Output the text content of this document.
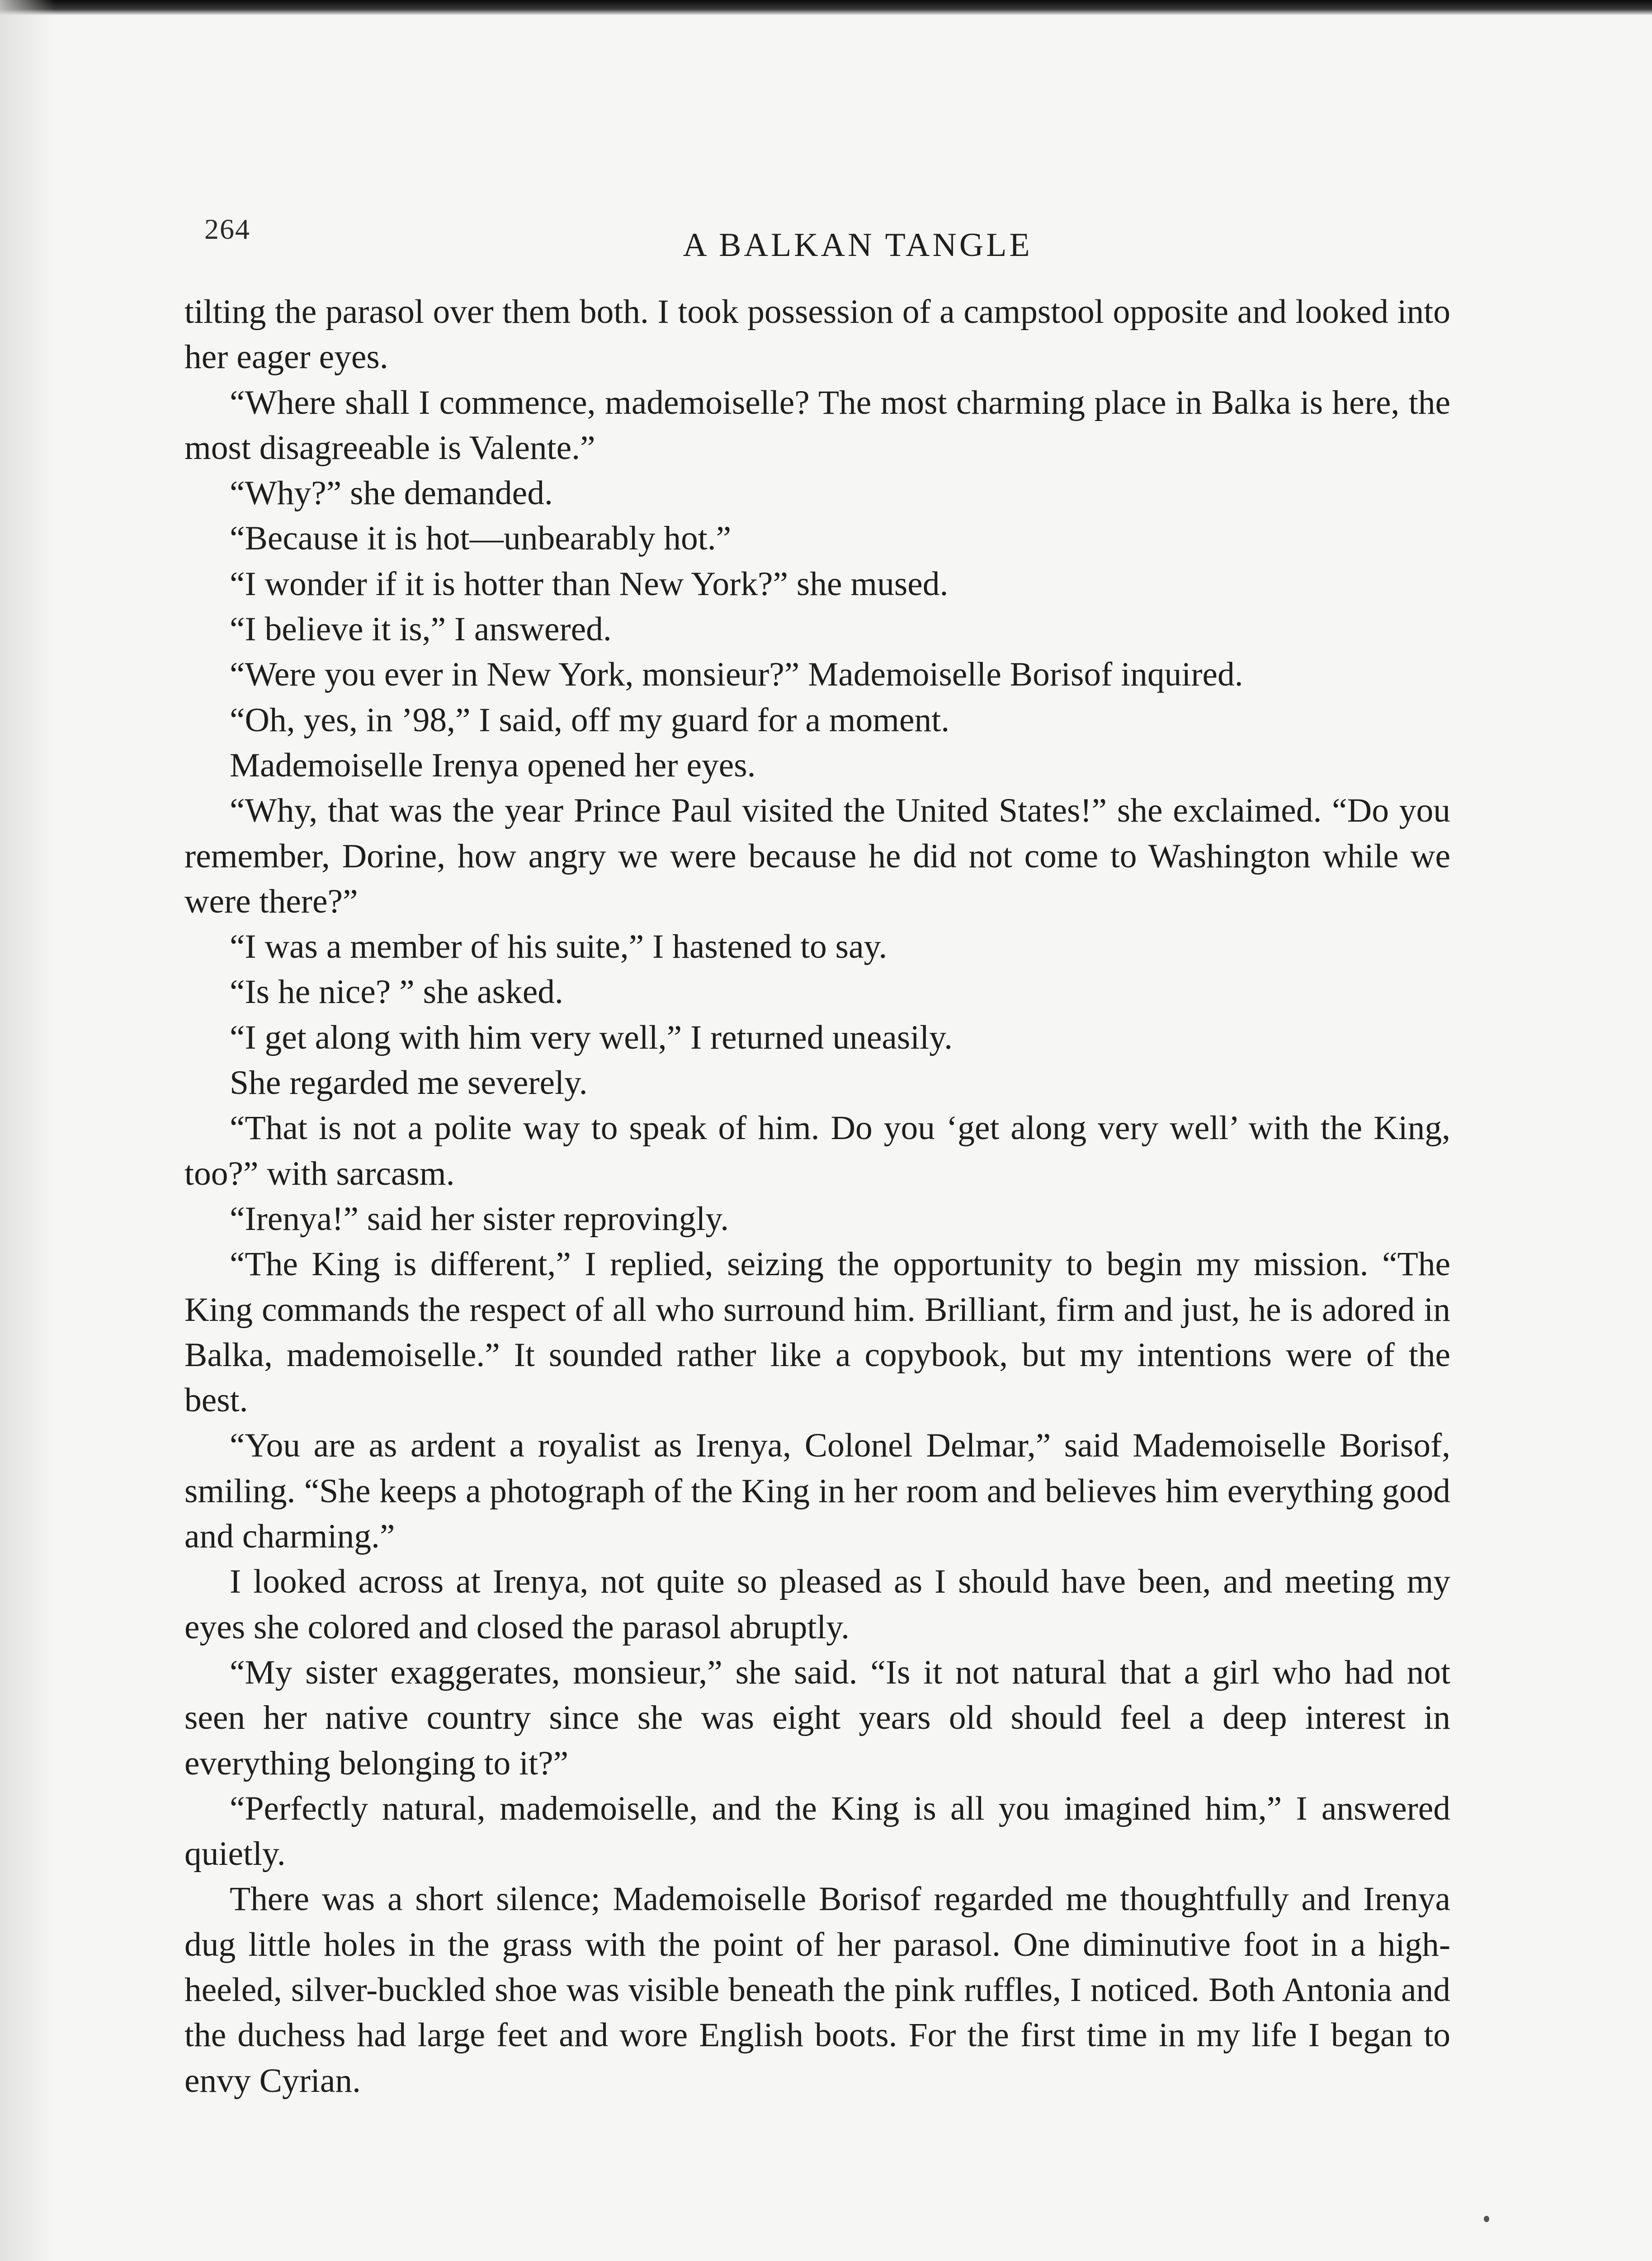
264	A BALKAN TANGLE

tilting the parasol over them both. I took possession of a campstool opposite and looked into her eager eyes.

“Where shall I commence, mademoiselle? The most charming place in Balka is here, the most disagreeable is Valente.”

“Why?” she demanded.

“Because it is hot—unbearably hot.”

“I wonder if it is hotter than New York?” she mused.

“I believe it is,” I answered.

“Were you ever in New York, monsieur?” Mademoiselle Borisof inquired.

“Oh, yes, in ’98,” I said, off my guard for a moment.

Mademoiselle Irenya opened her eyes.

“Why, that was the year Prince Paul visited the United States!” she exclaimed. “Do you remember, Dorine, how angry we were because he did not come to Washington while we were there?”

“I was a member of his suite,” I hastened to say.

“Is he nice? ” she asked.

“I get along with him very well,” I returned uneasily.

She regarded me severely.

“That is not a polite way to speak of him. Do you ‘get along very well’ with the King, too?” with sarcasm.

“Irenya!” said her sister reprovingly.

“The King is different,” I replied, seizing the opportunity to begin my mission. “The King commands the respect of all who surround him. Brilliant, firm and just, he is adored in Balka, mademoiselle.” It sounded rather like a copybook, but my intentions were of the best.

“You are as ardent a royalist as Irenya, Colonel Delmar,” said Mademoiselle Borisof, smiling. “She keeps a photograph of the King in her room and believes him everything good and charming.”

I looked across at Irenya, not quite so pleased as I should have been, and meeting my eyes she colored and closed the parasol abruptly.

“My sister exaggerates, monsieur,” she said. “Is it not natural that a girl who had not seen her native country since she was eight years old should feel a deep interest in everything belonging to it?”

“Perfectly natural, mademoiselle, and the King is all you imagined him,” I answered quietly.

There was a short silence; Mademoiselle Borisof regarded me thoughtfully and Irenya dug little holes in the grass with the point of her parasol. One diminutive foot in a high-heeled, silver-buckled shoe was visible beneath the pink ruffles, I noticed. Both Antonia and the duchess had large feet and wore English boots. For the first time in my life I began to envy Cyrian.
